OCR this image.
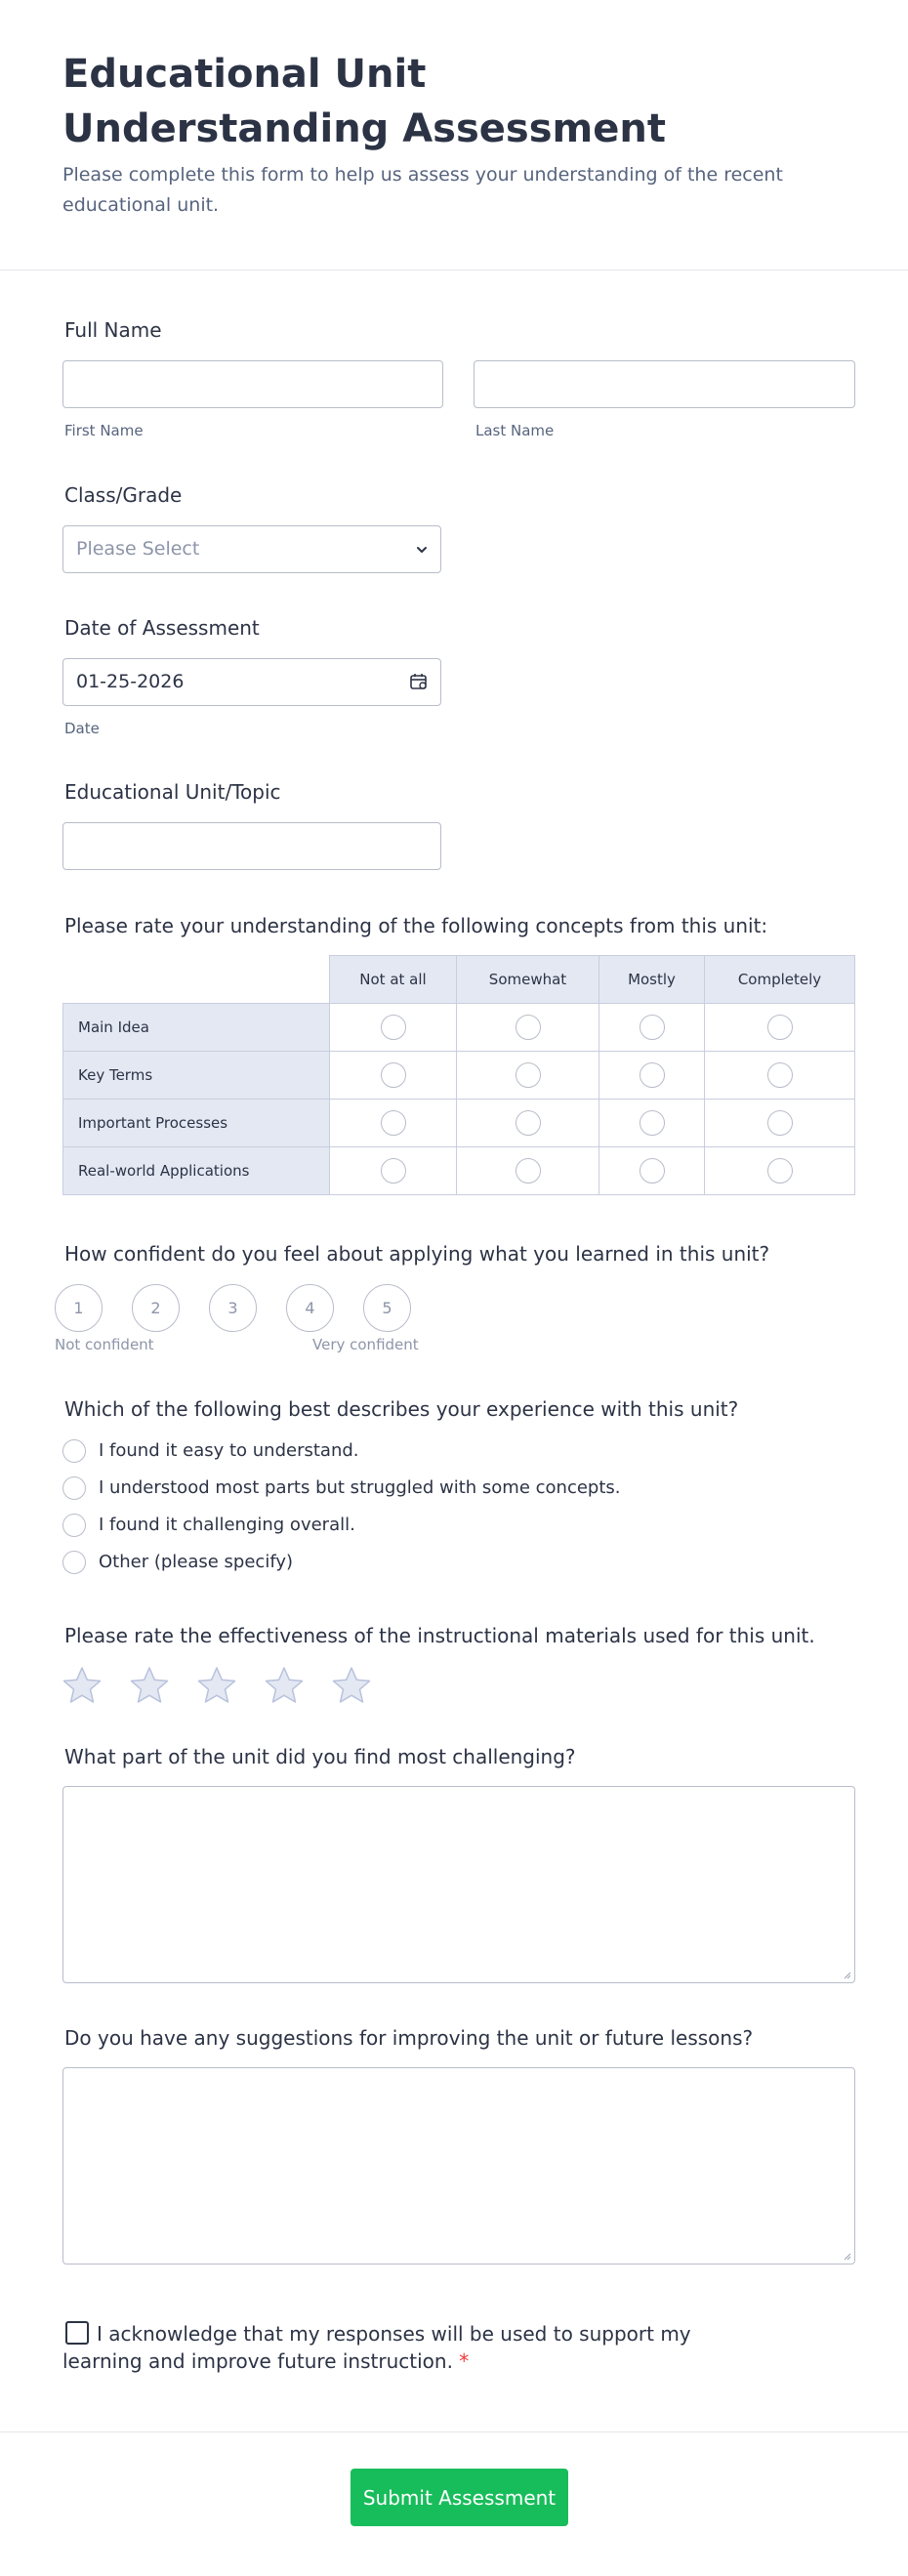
Educational Unit Understanding Assessment
Please complete this form to help us assess your understanding of the recent educational unit.
Full Name
First Name	Last Name
Class/Grade
Please Select
Date of Assessment
01-25-2026
Date
Educational Unit/Topic
Please rate your understanding of the following concepts from this unit:
	Not at all	Somewhat	Mostly	Completely
Main Idea				
Key Terms				
Important Processes				
Real-world Applications				
How confident do you feel about applying what you learned in this unit?
1	2	3	4	5
Not confident	Very confident
Which of the following best describes your experience with this unit?
I found it easy to understand.
I understood most parts but struggled with some concepts.
I found it challenging overall.
Other (please specify)
Please rate the effectiveness of the instructional materials used for this unit.
What part of the unit did you find most challenging?
Do you have any suggestions for improving the unit or future lessons?
I acknowledge that my responses will be used to support my learning and improve future instruction. *
Submit Assessment
